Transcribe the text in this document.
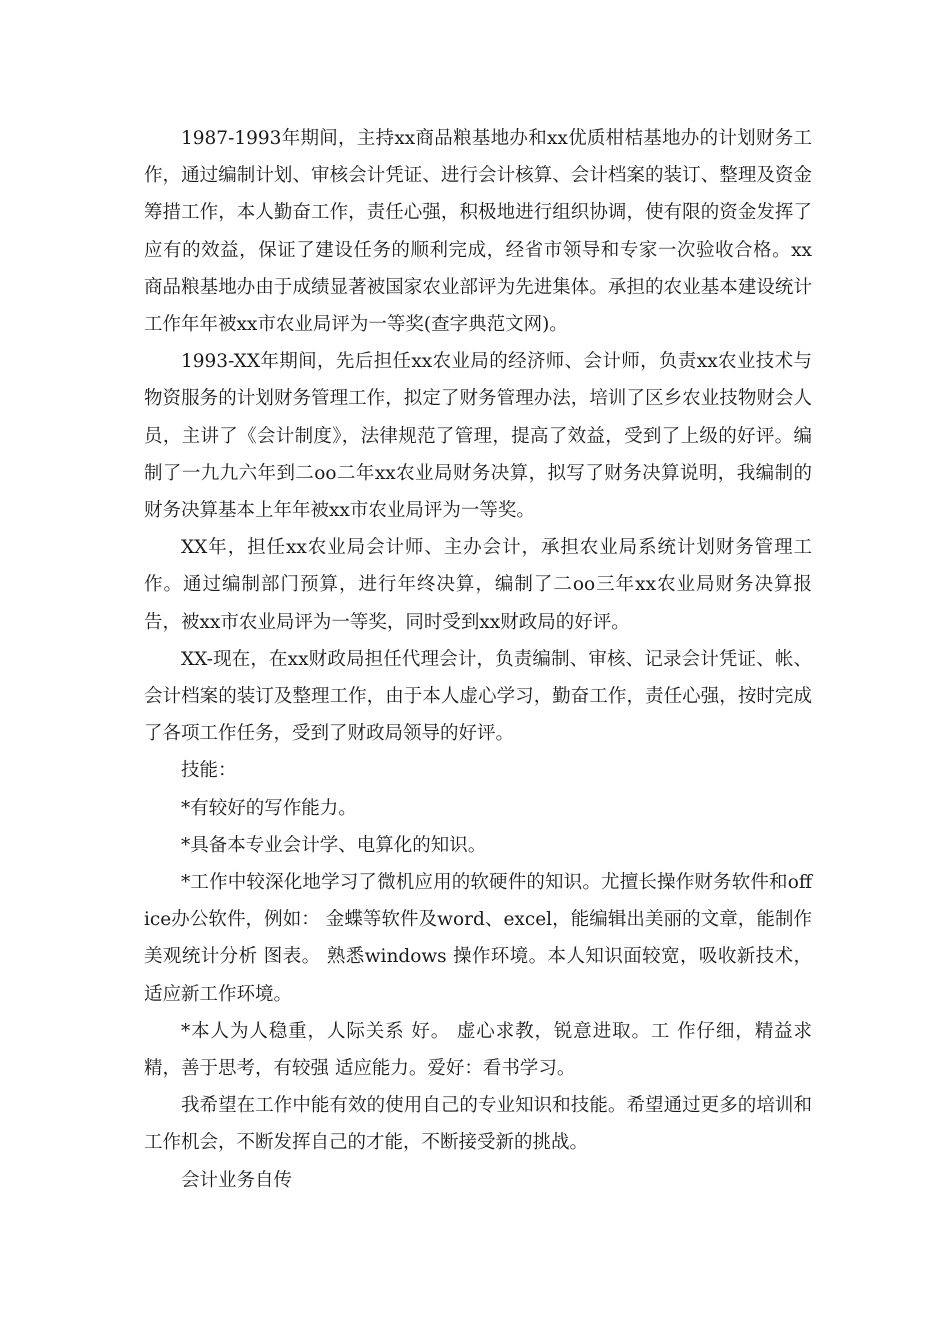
1987-1993年期间，主持xx商品粮基地办和xx优质柑桔基地办的计划财务工作，通过编制计划、审核会计凭证、进行会计核算、会计档案的装订、整理及资金筹措工作，本人勤奋工作，责任心强，积极地进行组织协调，使有限的资金发挥了应有的效益，保证了建设任务的顺利完成，经省市领导和专家一次验收合格。xx商品粮基地办由于成绩显著被国家农业部评为先进集体。承担的农业基本建设统计工作年年被xx市农业局评为一等奖(查字典范文网)。

1993-XX年期间，先后担任xx农业局的经济师、会计师，负责xx农业技术与物资服务的计划财务管理工作，拟定了财务管理办法，培训了区乡农业技物财会人员，主讲了《会计制度》，法律规范了管理，提高了效益，受到了上级的好评。编制了一九九六年到二oo二年xx农业局财务决算，拟写了财务决算说明，我编制的财务决算基本上年年被xx市农业局评为一等奖。

XX年，担任xx农业局会计师、主办会计，承担农业局系统计划财务管理工作。通过编制部门预算，进行年终决算，编制了二oo三年xx农业局财务决算报告，被xx市农业局评为一等奖，同时受到xx财政局的好评。

XX-现在，在xx财政局担任代理会计，负责编制、审核、记录会计凭证、帐、会计档案的装订及整理工作，由于本人虚心学习，勤奋工作，责任心强，按时完成了各项工作任务，受到了财政局领导的好评。

技能：

*有较好的写作能力。

*具备本专业会计学、电算化的知识。

*工作中较深化地学习了微机应用的软硬件的知识。尤擅长操作财务软件和office办公软件，例如： 金蝶等软件及word、excel，能编辑出美丽的文章，能制作美观统计分析 图表。 熟悉windows 操作环境。本人知识面较宽，吸收新技术，适应新工作环境。

*本人为人稳重，人际关系 好。 虚心求教，锐意进取。工 作仔细，精益求精，善于思考，有较强 适应能力。爱好：看书学习。

我希望在工作中能有效的使用自己的专业知识和技能。希望通过更多的培训和工作机会，不断发挥自己的才能，不断接受新的挑战。

会计业务自传
